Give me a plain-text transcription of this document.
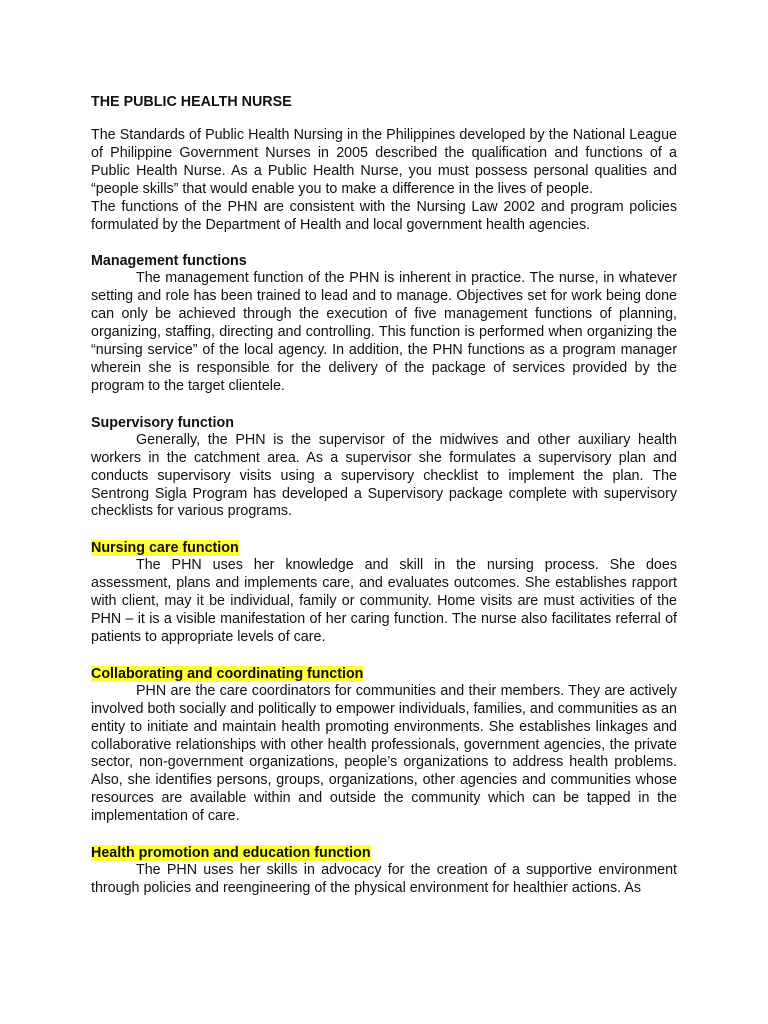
THE PUBLIC HEALTH NURSE

The Standards of Public Health Nursing in the Philippines developed by the National League of Philippine Government Nurses in 2005 described the qualification and functions of a Public Health Nurse. As a Public Health Nurse, you must possess personal qualities and “people skills” that would enable you to make a difference in the lives of people.

The functions of the PHN are consistent with the Nursing Law 2002 and program policies formulated by the Department of Health and local government health agencies.

Management functions

The management function of the PHN is inherent in practice. The nurse, in whatever setting and role has been trained to lead and to manage. Objectives set for work being done can only be achieved through the execution of five management functions of planning, organizing, staffing, directing and controlling. This function is performed when organizing the “nursing service” of the local agency. In addition, the PHN functions as a program manager wherein she is responsible for the delivery of the package of services provided by the program to the target clientele.

Supervisory function

Generally, the PHN is the supervisor of the midwives and other auxiliary health workers in the catchment area. As a supervisor she formulates a supervisory plan and conducts supervisory visits using a supervisory checklist to implement the plan. The Sentrong Sigla Program has developed a Supervisory package complete with supervisory checklists for various programs.

Nursing care function

The PHN uses her knowledge and skill in the nursing process. She does assessment, plans and implements care, and evaluates outcomes. She establishes rapport with client, may it be individual, family or community. Home visits are must activities of the PHN – it is a visible manifestation of her caring function. The nurse also facilitates referral of patients to appropriate levels of care.

Collaborating and coordinating function

PHN are the care coordinators for communities and their members. They are actively involved both socially and politically to empower individuals, families, and communities as an entity to initiate and maintain health promoting environments. She establishes linkages and collaborative relationships with other health professionals, government agencies, the private sector, non-government organizations, people’s organizations to address health problems. Also, she identifies persons, groups, organizations, other agencies and communities whose resources are available within and outside the community which can be tapped in the implementation of care.

Health promotion and education function

The PHN uses her skills in advocacy for the creation of a supportive environment through policies and reengineering of the physical environment for healthier actions. As
